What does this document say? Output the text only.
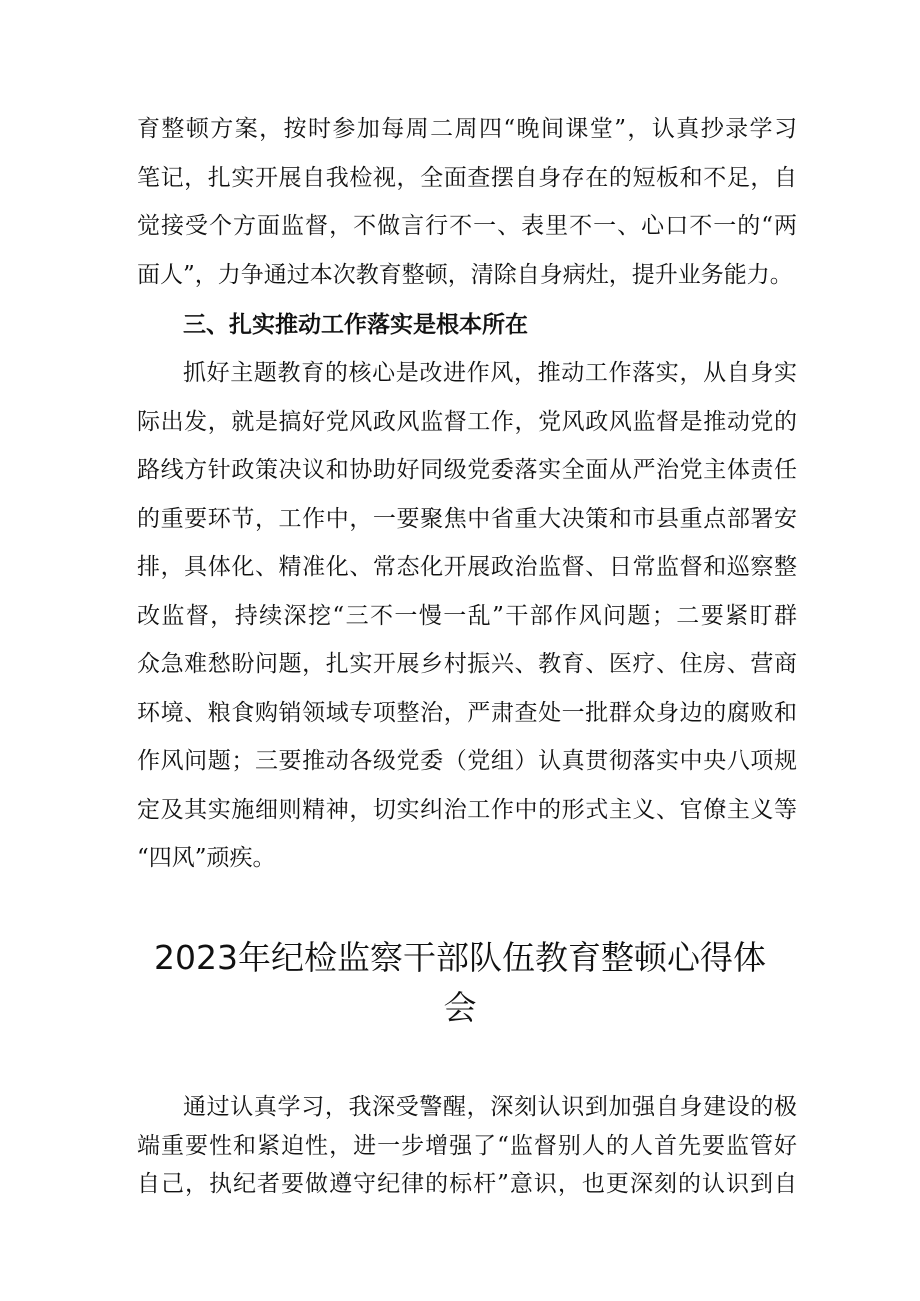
育整顿方案，按时参加每周二周四“晚间课堂”，认真抄录学习
笔记，扎实开展自我检视，全面查摆自身存在的短板和不足，自
觉接受个方面监督，不做言行不一、表里不一、心口不一的“两
面人”，力争通过本次教育整顿，清除自身病灶，提升业务能力。
三、扎实推动工作落实是根本所在
抓好主题教育的核心是改进作风，推动工作落实，从自身实
际出发，就是搞好党风政风监督工作，党风政风监督是推动党的
路线方针政策决议和协助好同级党委落实全面从严治党主体责任
的重要环节，工作中，一要聚焦中省重大决策和市县重点部署安
排，具体化、精准化、常态化开展政治监督、日常监督和巡察整
改监督，持续深挖“三不一慢一乱”干部作风问题；二要紧盯群
众急难愁盼问题，扎实开展乡村振兴、教育、医疗、住房、营商
环境、粮食购销领域专项整治，严肃查处一批群众身边的腐败和
作风问题；三要推动各级党委（党组）认真贯彻落实中央八项规
定及其实施细则精神，切实纠治工作中的形式主义、官僚主义等
“四风”顽疾。
2023年纪检监察干部队伍教育整顿心得体
会
通过认真学习，我深受警醒，深刻认识到加强自身建设的极
端重要性和紧迫性，进一步增强了“监督别人的人首先要监管好
自己，执纪者要做遵守纪律的标杆”意识，也更深刻的认识到自
